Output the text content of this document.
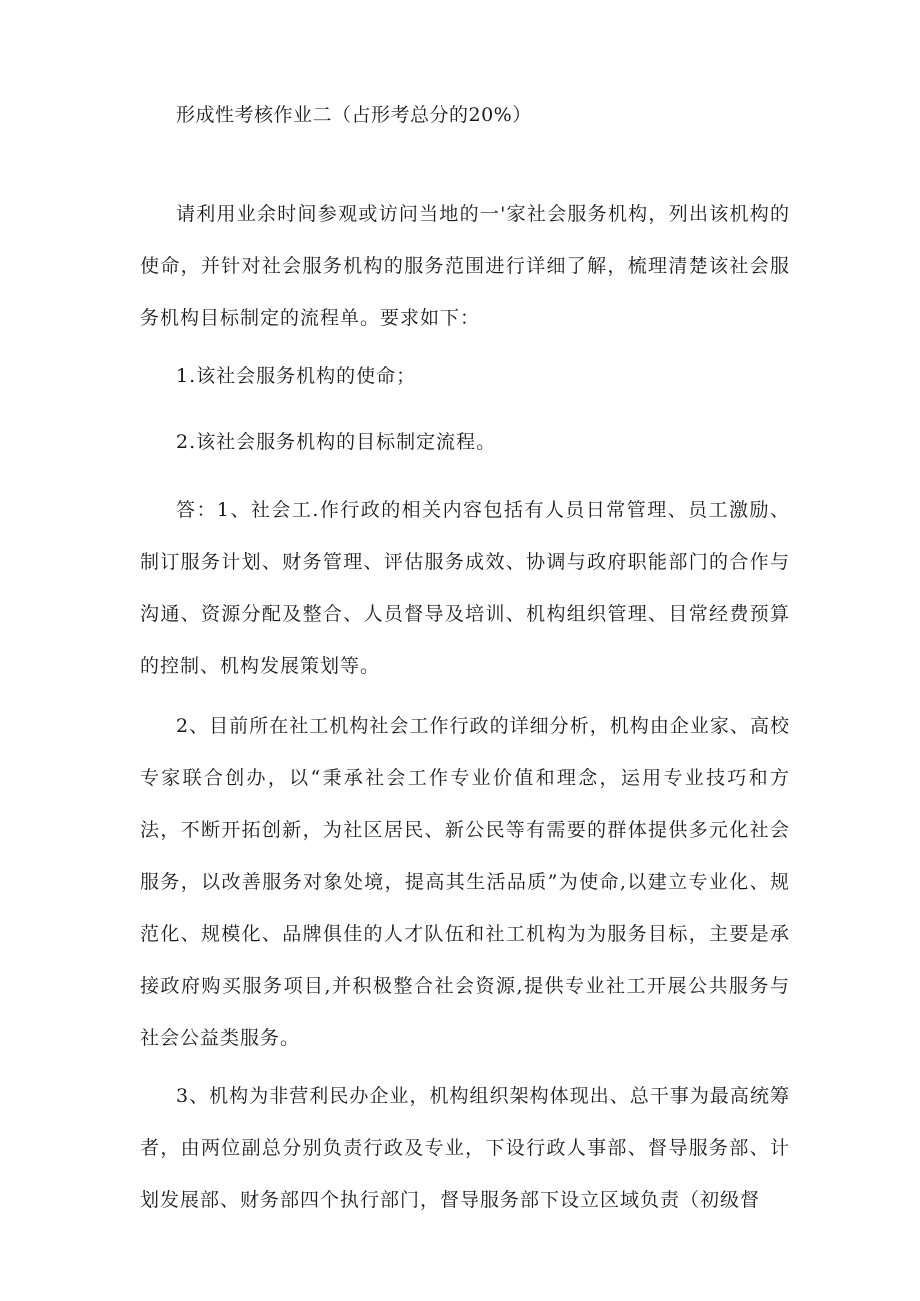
形成性考核作业二（占形考总分的20%）

请利用业余时间参观或访问当地的一'家社会服务机构，列出该机构的使命，并针对社会服务机构的服务范围进行详细了解，梳理清楚该社会服务机构目标制定的流程单。要求如下：

1.该社会服务机构的使命；

2.该社会服务机构的目标制定流程。

答：1、社会工.作行政的相关内容包括有人员日常管理、员工激励、制订服务计划、财务管理、评估服务成效、协调与政府职能部门的合作与沟通、资源分配及整合、人员督导及培训、机构组织管理、目常经费预算的控制、机构发展策划等。

2、目前所在社工机构社会工作行政的详细分析，机构由企业家、高校专家联合创办，以“秉承社会工作专业价值和理念，运用专业技巧和方法，不断开拓创新，为社区居民、新公民等有需要的群体提供多元化社会服务，以改善服务对象处境，提高其生活品质”为使命,以建立专业化、规范化、规模化、品牌俱佳的人才队伍和社工机构为为服务目标，主要是承接政府购买服务项目,并积极整合社会资源,提供专业社工开展公共服务与社会公益类服务。

3、机构为非营利民办企业，机构组织架构体现出、总干事为最高统筹者，由两位副总分别负责行政及专业，下设行政人事部、督导服务部、计划发展部、财务部四个执行部门，督导服务部下设立区域负责（初级督
